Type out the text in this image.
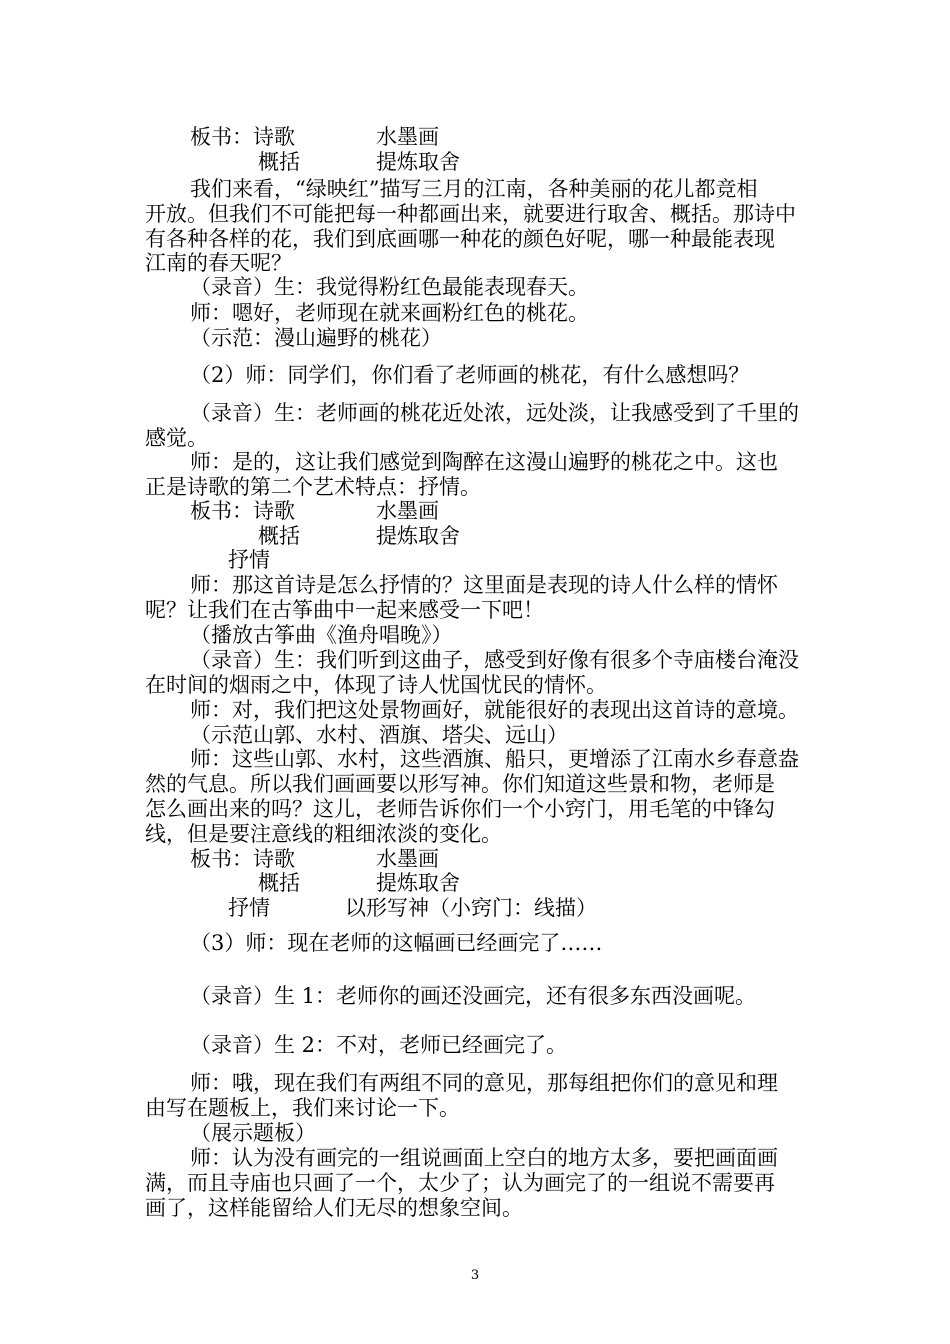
板书：诗歌	水墨画
概括	提炼取舍
我们来看，“绿映红”描写三月的江南，各种美丽的花儿都竞相
开放。但我们不可能把每一种都画出来，就要进行取舍、概括。那诗中
有各种各样的花，我们到底画哪一种花的颜色好呢，哪一种最能表现
江南的春天呢？
（录音）生：我觉得粉红色最能表现春天。
师：嗯好，老师现在就来画粉红色的桃花。
（示范：漫山遍野的桃花）
（2）师：同学们，你们看了老师画的桃花，有什么感想吗？
（录音）生：老师画的桃花近处浓，远处淡，让我感受到了千里的
感觉。
师：是的，这让我们感觉到陶醉在这漫山遍野的桃花之中。这也
正是诗歌的第二个艺术特点：抒情。
板书：诗歌	水墨画
概括	提炼取舍
抒情
师：那这首诗是怎么抒情的？这里面是表现的诗人什么样的情怀
呢？让我们在古筝曲中一起来感受一下吧！
（播放古筝曲《渔舟唱晚》）
（录音）生：我们听到这曲子，感受到好像有很多个寺庙楼台淹没
在时间的烟雨之中，体现了诗人忧国忧民的情怀。
师：对，我们把这处景物画好，就能很好的表现出这首诗的意境。
（示范山郭、水村、酒旗、塔尖、远山）
师：这些山郭、水村，这些酒旗、船只，更增添了江南水乡春意盎
然的气息。所以我们画画要以形写神。你们知道这些景和物，老师是
怎么画出来的吗？这儿，老师告诉你们一个小窍门，用毛笔的中锋勾
线，但是要注意线的粗细浓淡的变化。
板书：诗歌	水墨画
概括	提炼取舍
抒情	以形写神（小窍门：线描）
（3）师：现在老师的这幅画已经画完了……
（录音）生 1：老师你的画还没画完，还有很多东西没画呢。
（录音）生 2：不对，老师已经画完了。
师：哦，现在我们有两组不同的意见，那每组把你们的意见和理
由写在题板上，我们来讨论一下。
（展示题板）
师：认为没有画完的一组说画面上空白的地方太多，要把画面画
满，而且寺庙也只画了一个，太少了；认为画完了的一组说不需要再
画了，这样能留给人们无尽的想象空间。
3
